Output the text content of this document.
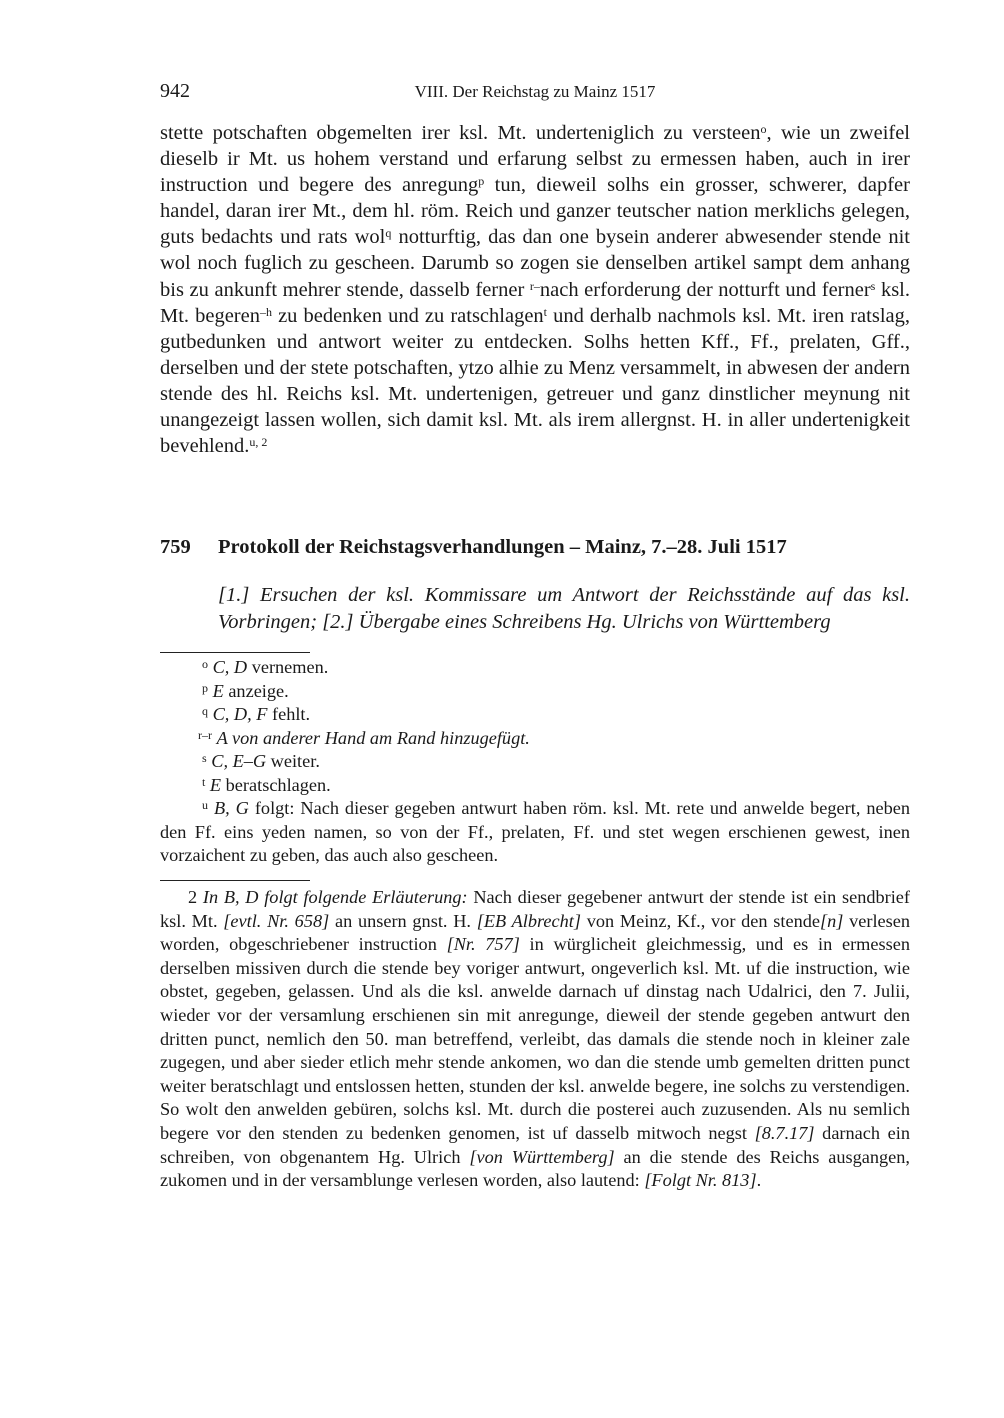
942	VIII. Der Reichstag zu Mainz 1517

stette potschaften obgemelten irer ksl. Mt. underteniglich zu versteen$^o$, wie un zweifel dieselb ir Mt. us hohem verstand und erfarung selbst zu ermessen haben, auch in irer instruction und begere des anregung$^p$ tun, dieweil solhs ein grosser, schwerer, dapfer handel, daran irer Mt., dem hl. röm. Reich und ganzer teutscher nation merklichs gelegen, guts bedachts und rats wol$^q$ notturftig, das dan one bysein anderer abwesender stende nit wol noch fuglich zu gescheen. Darumb so zogen sie denselben artikel sampt dem anhang bis zu ankunft mehrer stende, dasselb ferner $^{r-}$nach erforderung der notturft und ferner$^s$ ksl. Mt. begeren$^{-h}$ zu bedenken und zu ratschlagen$^t$ und derhalb nachmols ksl. Mt. iren ratslag, gutbedunken und antwort weiter zu entdecken. Solhs hetten Kff., Ff., prelaten, Gff., derselben und der stete potschaften, ytzo alhie zu Menz versammelt, in abwesen der andern stende des hl. Reichs ksl. Mt. undertenigen, getreuer und ganz dinstlicher meynung nit unangezeigt lassen wollen, sich damit ksl. Mt. als irem allergnst. H. in aller undertenigkeit bevehlend.$^{u, 2}$

759 Protokoll der Reichstagsverhandlungen – Mainz, 7.–28. Juli 1517
[1.] Ersuchen der ksl. Kommissare um Antwort der Reichsstände auf das ksl. Vorbringen; [2.] Übergabe eines Schreibens Hg. Ulrichs von Württemberg

$^o$ C, D vernemen.

$^p$ E anzeige.

$^q$ C, D, F fehlt.

$^{r-r}$ A von anderer Hand am Rand hinzugefügt.

$^s$ C, E–G weiter.

$^t$ E beratschlagen.

$^u$ B, G folgt: Nach dieser gegeben antwurt haben röm. ksl. Mt. rete und anwelde begert, neben den Ff. eins yeden namen, so von der Ff., prelaten, Ff. und stet wegen erschienen gewest, inen vorzaichent zu geben, das auch also gescheen.

2 In B, D folgt folgende Erläuterung: Nach dieser gegebener antwurt der stende ist ein sendbrief ksl. Mt. [evtl. Nr. 658] an unsern gnst. H. [EB Albrecht] von Meinz, Kf., vor den stende[n] verlesen worden, obgeschriebener instruction [Nr. 757] in würglicheit gleichmessig, und es in ermessen derselben missiven durch die stende bey voriger antwurt, ongeverlich ksl. Mt. uf die instruction, wie obstet, gegeben, gelassen. Und als die ksl. anwelde darnach uf dinstag nach Udalrici, den 7. Julii, wieder vor der versamlung erschienen sin mit anregunge, dieweil der stende gegeben antwurt den dritten punct, nemlich den 50. man betreffend, verleibt, das damals die stende noch in kleiner zale zugegen, und aber sieder etlich mehr stende ankomen, wo dan die stende umb gemelten dritten punct weiter beratschlagt und entslossen hetten, stunden der ksl. anwelde begere, ine solchs zu verstendigen. So wolt den anwelden gebüren, solchs ksl. Mt. durch die posterei auch zuzusenden. Als nu semlich begere vor den stenden zu bedenken genomen, ist uf dasselb mitwoch negst [8.7.17] darnach ein schreiben, von obgenantem Hg. Ulrich [von Württemberg] an die stende des Reichs ausgangen, zukomen und in der versamblunge verlesen worden, also lautend: [Folgt Nr. 813].
